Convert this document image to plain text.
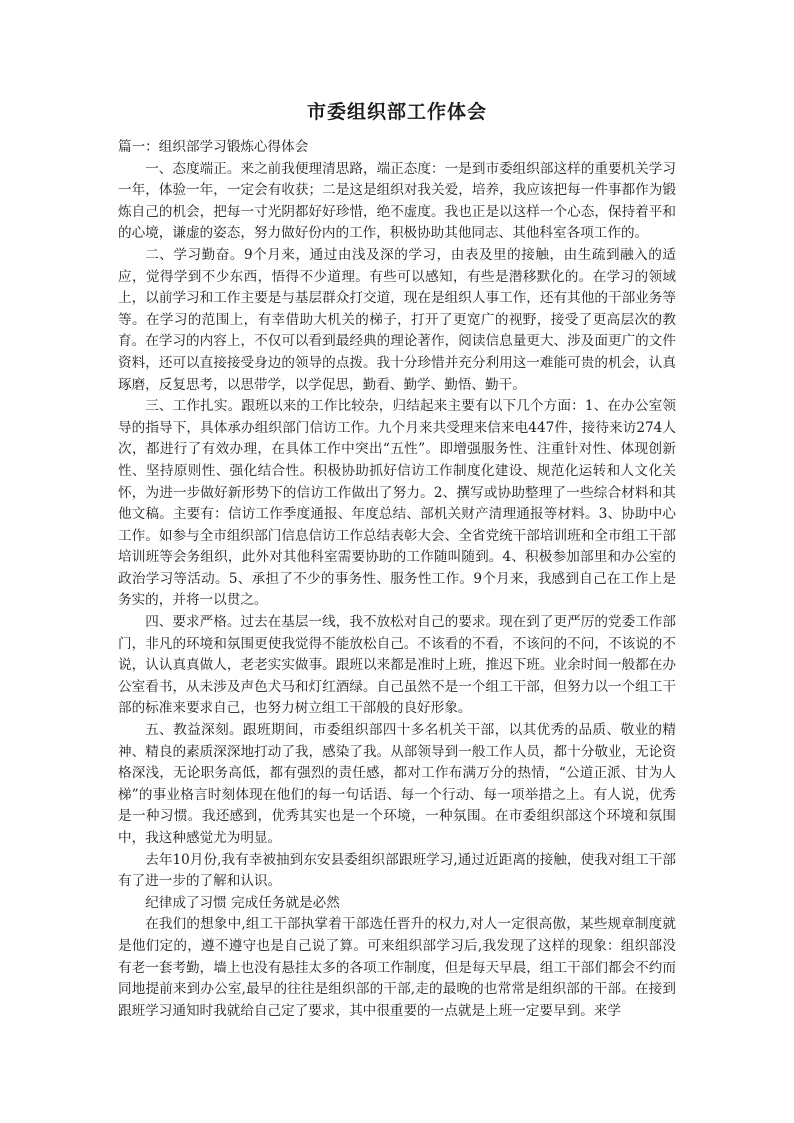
市委组织部工作体会

篇一：组织部学习锻炼心得体会

一、态度端正。来之前我便理清思路，端正态度：一是到市委组织部这样的重要机关学习一年，体验一年，一定会有收获；二是这是组织对我关爱，培养，我应该把每一件事都作为锻炼自己的机会，把每一寸光阴都好好珍惜，绝不虚度。我也正是以这样一个心态，保持着平和的心境，谦虚的姿态，努力做好份内的工作，积极协助其他同志、其他科室各项工作的。

二、学习勤奋。9个月来，通过由浅及深的学习，由表及里的接触，由生疏到融入的适应，觉得学到不少东西，悟得不少道理。有些可以感知，有些是潜移默化的。在学习的领域上，以前学习和工作主要是与基层群众打交道，现在是组织人事工作，还有其他的干部业务等等。在学习的范围上，有幸借助大机关的梯子，打开了更宽广的视野，接受了更高层次的教育。在学习的内容上，不仅可以看到最经典的理论著作，阅读信息量更大、涉及面更广的文件资料，还可以直接接受身边的领导的点拨。我十分珍惜并充分利用这一难能可贵的机会，认真琢磨，反复思考，以思带学，以学促思，勤看、勤学、勤悟、勤干。

三、工作扎实。跟班以来的工作比较杂，归结起来主要有以下几个方面：1、在办公室领导的指导下，具体承办组织部门信访工作。九个月来共受理来信来电447件，接待来访274人次，都进行了有效办理，在具体工作中突出“五性”。即增强服务性、注重针对性、体现创新性、坚持原则性、强化结合性。积极协助抓好信访工作制度化建设、规范化运转和人文化关怀，为进一步做好新形势下的信访工作做出了努力。2、撰写或协助整理了一些综合材料和其他文稿。主要有：信访工作季度通报、年度总结、部机关财产清理通报等材料。3、协助中心工作。如参与全市组织部门信息信访工作总结表彰大会、全省党统干部培训班和全市组工干部培训班等会务组织，此外对其他科室需要协助的工作随叫随到。4、积极参加部里和办公室的政治学习等活动。5、承担了不少的事务性、服务性工作。9个月来，我感到自己在工作上是务实的，并将一以贯之。

四、要求严格。过去在基层一线，我不放松对自己的要求。现在到了更严厉的党委工作部门，非凡的环境和氛围更使我觉得不能放松自己。不该看的不看，不该问的不问，不该说的不说，认认真真做人，老老实实做事。跟班以来都是准时上班，推迟下班。业余时间一般都在办公室看书，从未涉及声色犬马和灯红酒绿。自己虽然不是一个组工干部，但努力以一个组工干部的标准来要求自己，也努力树立组工干部般的良好形象。

五、教益深刻。跟班期间，市委组织部四十多名机关干部，以其优秀的品质、敬业的精神、精良的素质深深地打动了我，感染了我。从部领导到一般工作人员，都十分敬业，无论资格深浅，无论职务高低，都有强烈的责任感，都对工作布满万分的热情，“公道正派、甘为人梯”的事业格言时刻体现在他们的每一句话语、每一个行动、每一项举措之上。有人说，优秀是一种习惯。我还感到，优秀其实也是一个环境，一种氛围。在市委组织部这个环境和氛围中，我这种感觉尤为明显。

去年10月份,我有幸被抽到东安县委组织部跟班学习,通过近距离的接触，使我对组工干部有了进一步的了解和认识。

纪律成了习惯 完成任务就是必然

在我们的想象中,组工干部执掌着干部选任晋升的权力,对人一定很高傲，某些规章制度就是他们定的，遵不遵守也是自己说了算。可来组织部学习后,我发现了这样的现象：组织部没有老一套考勤，墙上也没有悬挂太多的各项工作制度，但是每天早晨，组工干部们都会不约而同地提前来到办公室,最早的往往是组织部的干部,走的最晚的也常常是组织部的干部。在接到跟班学习通知时我就给自己定了要求，其中很重要的一点就是上班一定要早到。来学
